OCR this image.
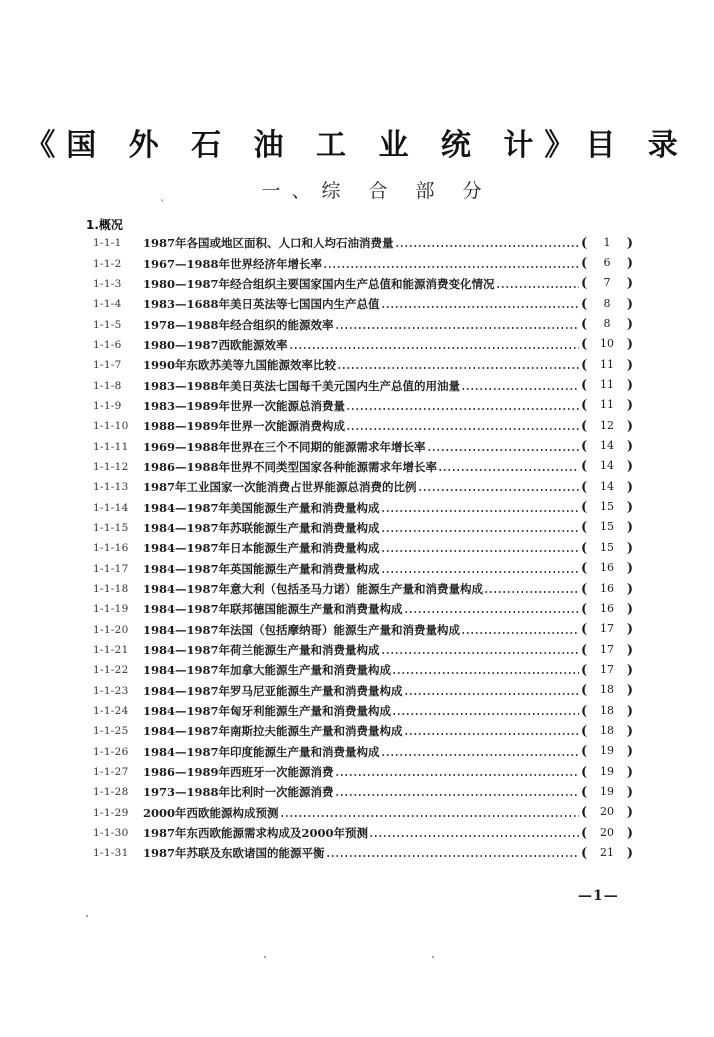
《国 外 石 油 工 业 统 计》目 录
一、综 合 部 分
`
1.概况
1-1-1	1987年各国或地区面积、人口和人均石油消费量	(	1	)
1-1-2	1967—1988年世界经济年增长率	(	6	)
1-1-3	1980—1987年经合组织主要国家国内生产总值和能源消费变化情况	(	7	)
1-1-4	1983—1688年美日英法等七国国内生产总值	(	8	)
1-1-5	1978—1988年经合组织的能源效率	(	8	)
1-1-6	1980—1987西欧能源效率	(	10 )
1-1-7	1990年东欧苏美等九国能源效率比较	(	11 )
1-1-8	1983—1988年美日英法七国每千美元国内生产总值的用油量	(	11 )
1-1-9	1983—1989年世界一次能源总消费量	(	11 )
1-1-10	1988—1989年世界一次能源消费构成	(	12 )
1-1-11	1969—1988年世界在三个不同期的能源需求年增长率	(	14 )
1-1-12	1986—1988年世界不同类型国家各种能源需求年增长率	(	14 )
1-1-13	1987年工业国家一次能消费占世界能源总消费的比例	(	14 )
1-1-14	1984—1987年美国能源生产量和消费量构成	(	15 )
1-1-15	1984—1987年苏联能源生产量和消费量构成	(	15 )
1-1-16	1984—1987年日本能源生产量和消费量构成	(	15 )
1-1-17	1984—1987年英国能源生产量和消费量构成	(	16 )
1-1-18	1984—1987年意大利（包括圣马力诺）能源生产量和消费量构成	(	16 )
1-1-19	1984—1987年联邦德国能源生产量和消费量构成	(	16 )
1-1-20	1984—1987年法国（包括摩纳哥）能源生产量和消费量构成	(	17 )
1-1-21	1984—1987年荷兰能源生产量和消费量构成	(	17 )
1-1-22	1984—1987年加拿大能源生产量和消费量构成	(	17 )
1-1-23	1984—1987年罗马尼亚能源生产量和消费量构成	(	18 )
1-1-24	1984—1987年匈牙利能源生产量和消费量构成	(	18 )
1-1-25	1984—1987年南斯拉夫能源生产量和消费量构成	(	18 )
1-1-26	1984—1987年印度能源生产量和消费量构成	(	19 )
1-1-27	1986—1989年西班牙一次能源消费	(	19 )
1-1-28	1973—1988年比利时一次能源消费	(	19 )
1-1-29	2000年西欧能源构成预测	(	20 )
1-1-30	1987年东西欧能源需求构成及2000年预测	(	20 )
1-1-31	1987年苏联及东欧诸国的能源平衡	(	21 )
—1—
